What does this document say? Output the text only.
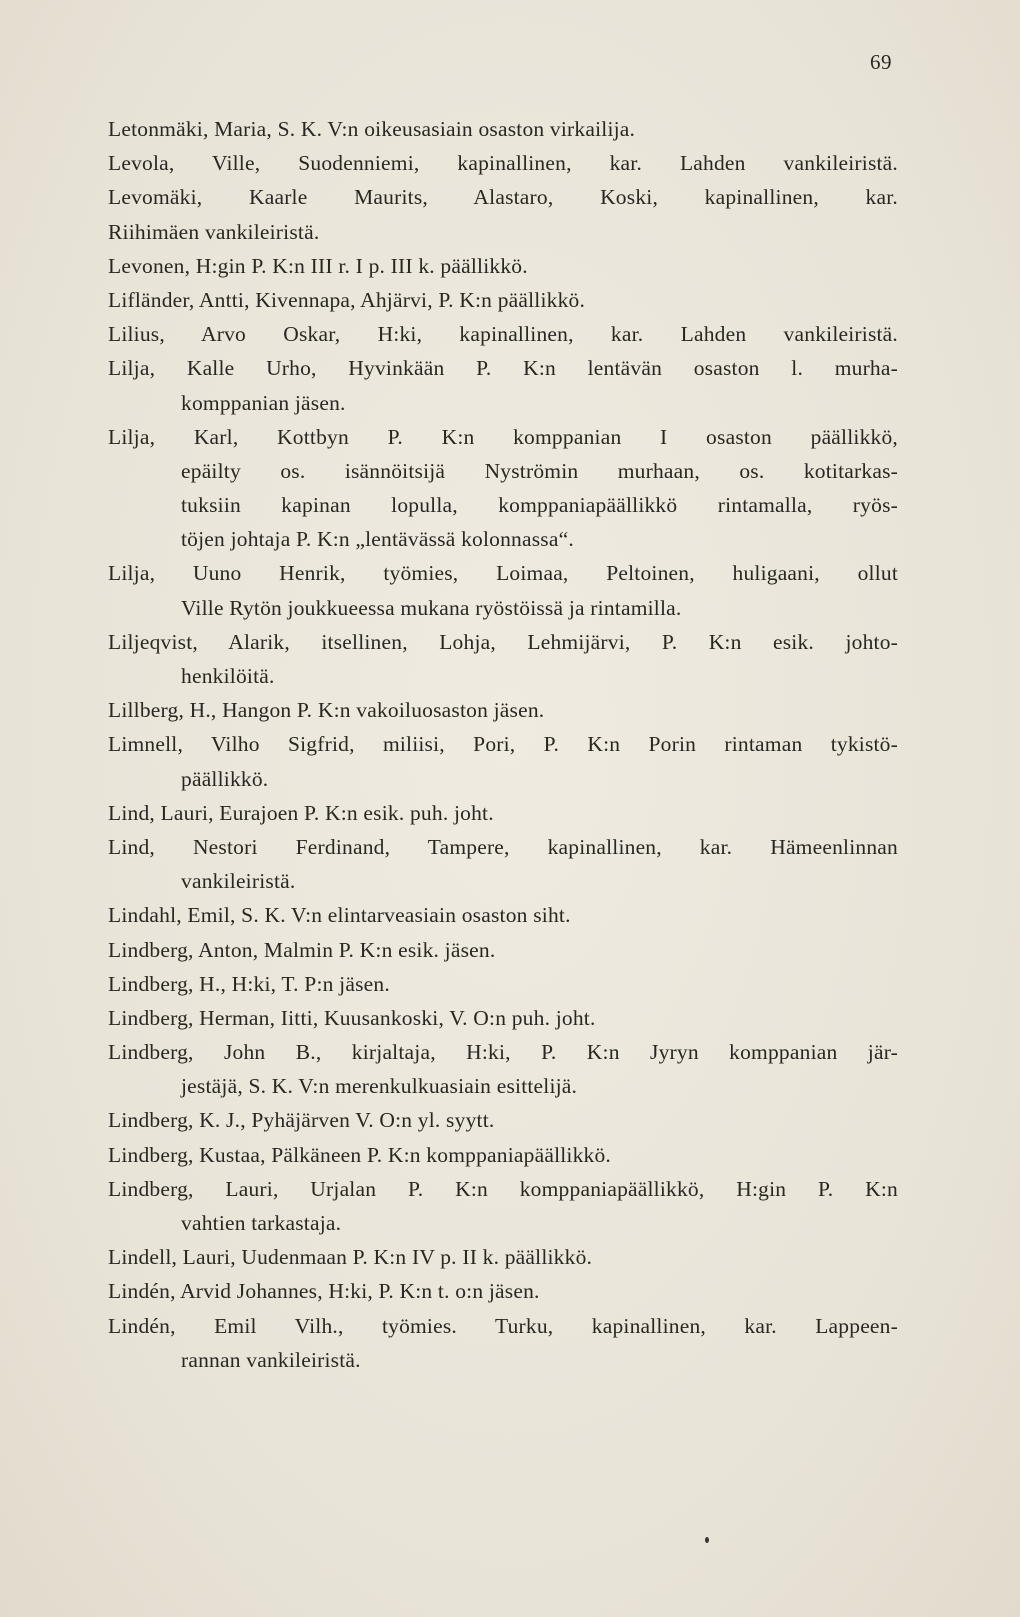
69
Letonmäki, Maria, S. K. V:n oikeusasiain osaston virkailija.
Levola, Ville, Suodenniemi, kapinallinen, kar. Lahden vankileiristä.
Levomäki, Kaarle Maurits, Alastaro, Koski, kapinallinen, kar.
Riihimäen vankileiristä.
Levonen, H:gin P. K:n III r. I p. III k. päällikkö.
Lifländer, Antti, Kivennapa, Ahjärvi, P. K:n päällikkö.
Lilius, Arvo Oskar, H:ki, kapinallinen, kar. Lahden vankileiristä.
Lilja, Kalle Urho, Hyvinkään P. K:n lentävän osaston l. murha-
komppanian jäsen.
Lilja, Karl, Kottbyn P. K:n komppanian I osaston päällikkö,
epäilty os. isännöitsijä Nyströmin murhaan, os. kotitarkas-
tuksiin kapinan lopulla, komppaniapäällikkö rintamalla, ryös-
töjen johtaja P. K:n „lentävässä kolonnassa“.
Lilja, Uuno Henrik, työmies, Loimaa, Peltoinen, huligaani, ollut
Ville Rytön joukkueessa mukana ryöstöissä ja rintamilla.
Liljeqvist, Alarik, itsellinen, Lohja, Lehmijärvi, P. K:n esik. johto-
henkilöitä.
Lillberg, H., Hangon P. K:n vakoiluosaston jäsen.
Limnell, Vilho Sigfrid, miliisi, Pori, P. K:n Porin rintaman tykistö-
päällikkö.
Lind, Lauri, Eurajoen P. K:n esik. puh. joht.
Lind, Nestori Ferdinand, Tampere, kapinallinen, kar. Hämeenlinnan
vankileiristä.
Lindahl, Emil, S. K. V:n elintarveasiain osaston siht.
Lindberg, Anton, Malmin P. K:n esik. jäsen.
Lindberg, H., H:ki, T. P:n jäsen.
Lindberg, Herman, Iitti, Kuusankoski, V. O:n puh. joht.
Lindberg, John B., kirjaltaja, H:ki, P. K:n Jyryn komppanian jär-
jestäjä, S. K. V:n merenkulkuasiain esittelijä.
Lindberg, K. J., Pyhäjärven V. O:n yl. syytt.
Lindberg, Kustaa, Pälkäneen P. K:n komppaniapäällikkö.
Lindberg, Lauri, Urjalan P. K:n komppaniapäällikkö, H:gin P. K:n
vahtien tarkastaja.
Lindell, Lauri, Uudenmaan P. K:n IV p. II k. päällikkö.
Lindén, Arvid Johannes, H:ki, P. K:n t. o:n jäsen.
Lindén, Emil Vilh., työmies. Turku, kapinallinen, kar. Lappeen-
rannan vankileiristä.
